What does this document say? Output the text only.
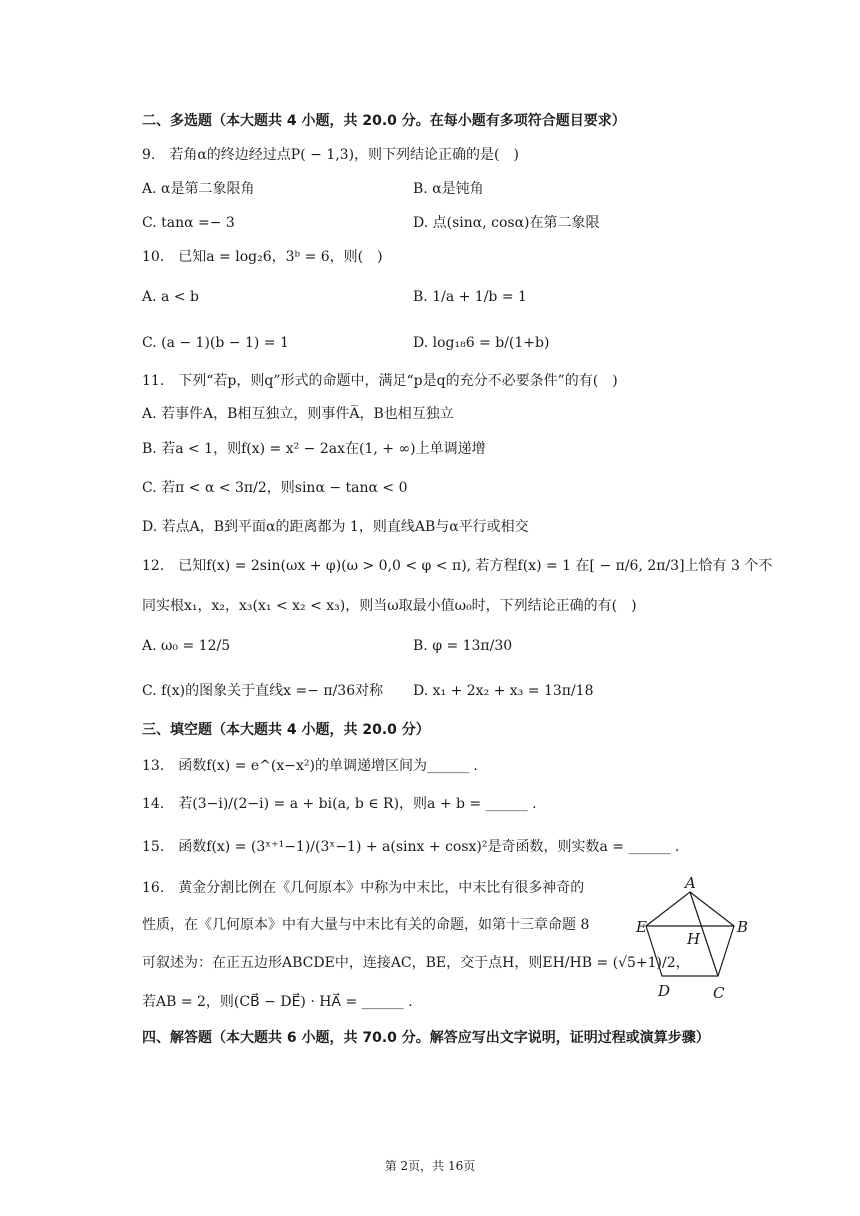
二、多选题（本大题共 4 小题，共 20.0 分。在每小题有多项符合题目要求）
9.　若角α的终边经过点P( − 1,3)，则下列结论正确的是(　)
A. α是第二象限角	B. α是钝角
C. tanα =− 3	D. 点(sinα, cosα)在第二象限
10.　已知a = log₂6，3ᵇ = 6，则(　)
A. a < b	B. 1/a + 1/b = 1
C. (a − 1)(b − 1) = 1	D. log₁₈6 = b/(1+b)
11.　下列“若p，则q”形式的命题中，满足“p是q的充分不必要条件”的有(　)
A. 若事件A，B相互独立，则事件A̅，B也相互独立
B. 若a < 1，则f(x) = x² − 2ax在(1, + ∞)上单调递增
C. 若π < α < 3π/2，则sinα − tanα < 0
D. 若点A，B到平面α的距离都为 1，则直线AB与α平行或相交
12.　已知f(x) = 2sin(ωx + φ)(ω > 0,0 < φ < π), 若方程f(x) = 1 在[ − π/6, 2π/3]上恰有 3 个不
同实根x₁，x₂，x₃(x₁ < x₂ < x₃)，则当ω取最小值ω₀时，下列结论正确的有(　)
A. ω₀ = 12/5	B. φ = 13π/30
C. f(x)的图象关于直线x =− π/36对称 D. x₁ + 2x₂ + x₃ = 13π/18
三、填空题（本大题共 4 小题，共 20.0 分）
13.　函数f(x) = e^(x−x²)的单调递增区间为______ .
14.　若(3−i)/(2−i) = a + bi(a, b ∈ R)，则a + b = ______ .
15.　函数f(x) = (3ˣ⁺¹−1)/(3ˣ−1) + a(sinx + cosx)²是奇函数，则实数a = ______ .
16.　黄金分割比例在《几何原本》中称为中末比，中末比有很多神奇的
性质，在《几何原本》中有大量与中末比有关的命题，如第十三章命题 8
可叙述为：在正五边形ABCDE中，连接AC，BE，交于点H，则EH/HB = (√5+1)/2，
若AB = 2，则(CB⃗ − DE⃗) · HA⃗ = ______ .
A
B
C
D
E
H
四、解答题（本大题共 6 小题，共 70.0 分。解答应写出文字说明，证明过程或演算步骤）
第 2页，共 16页
